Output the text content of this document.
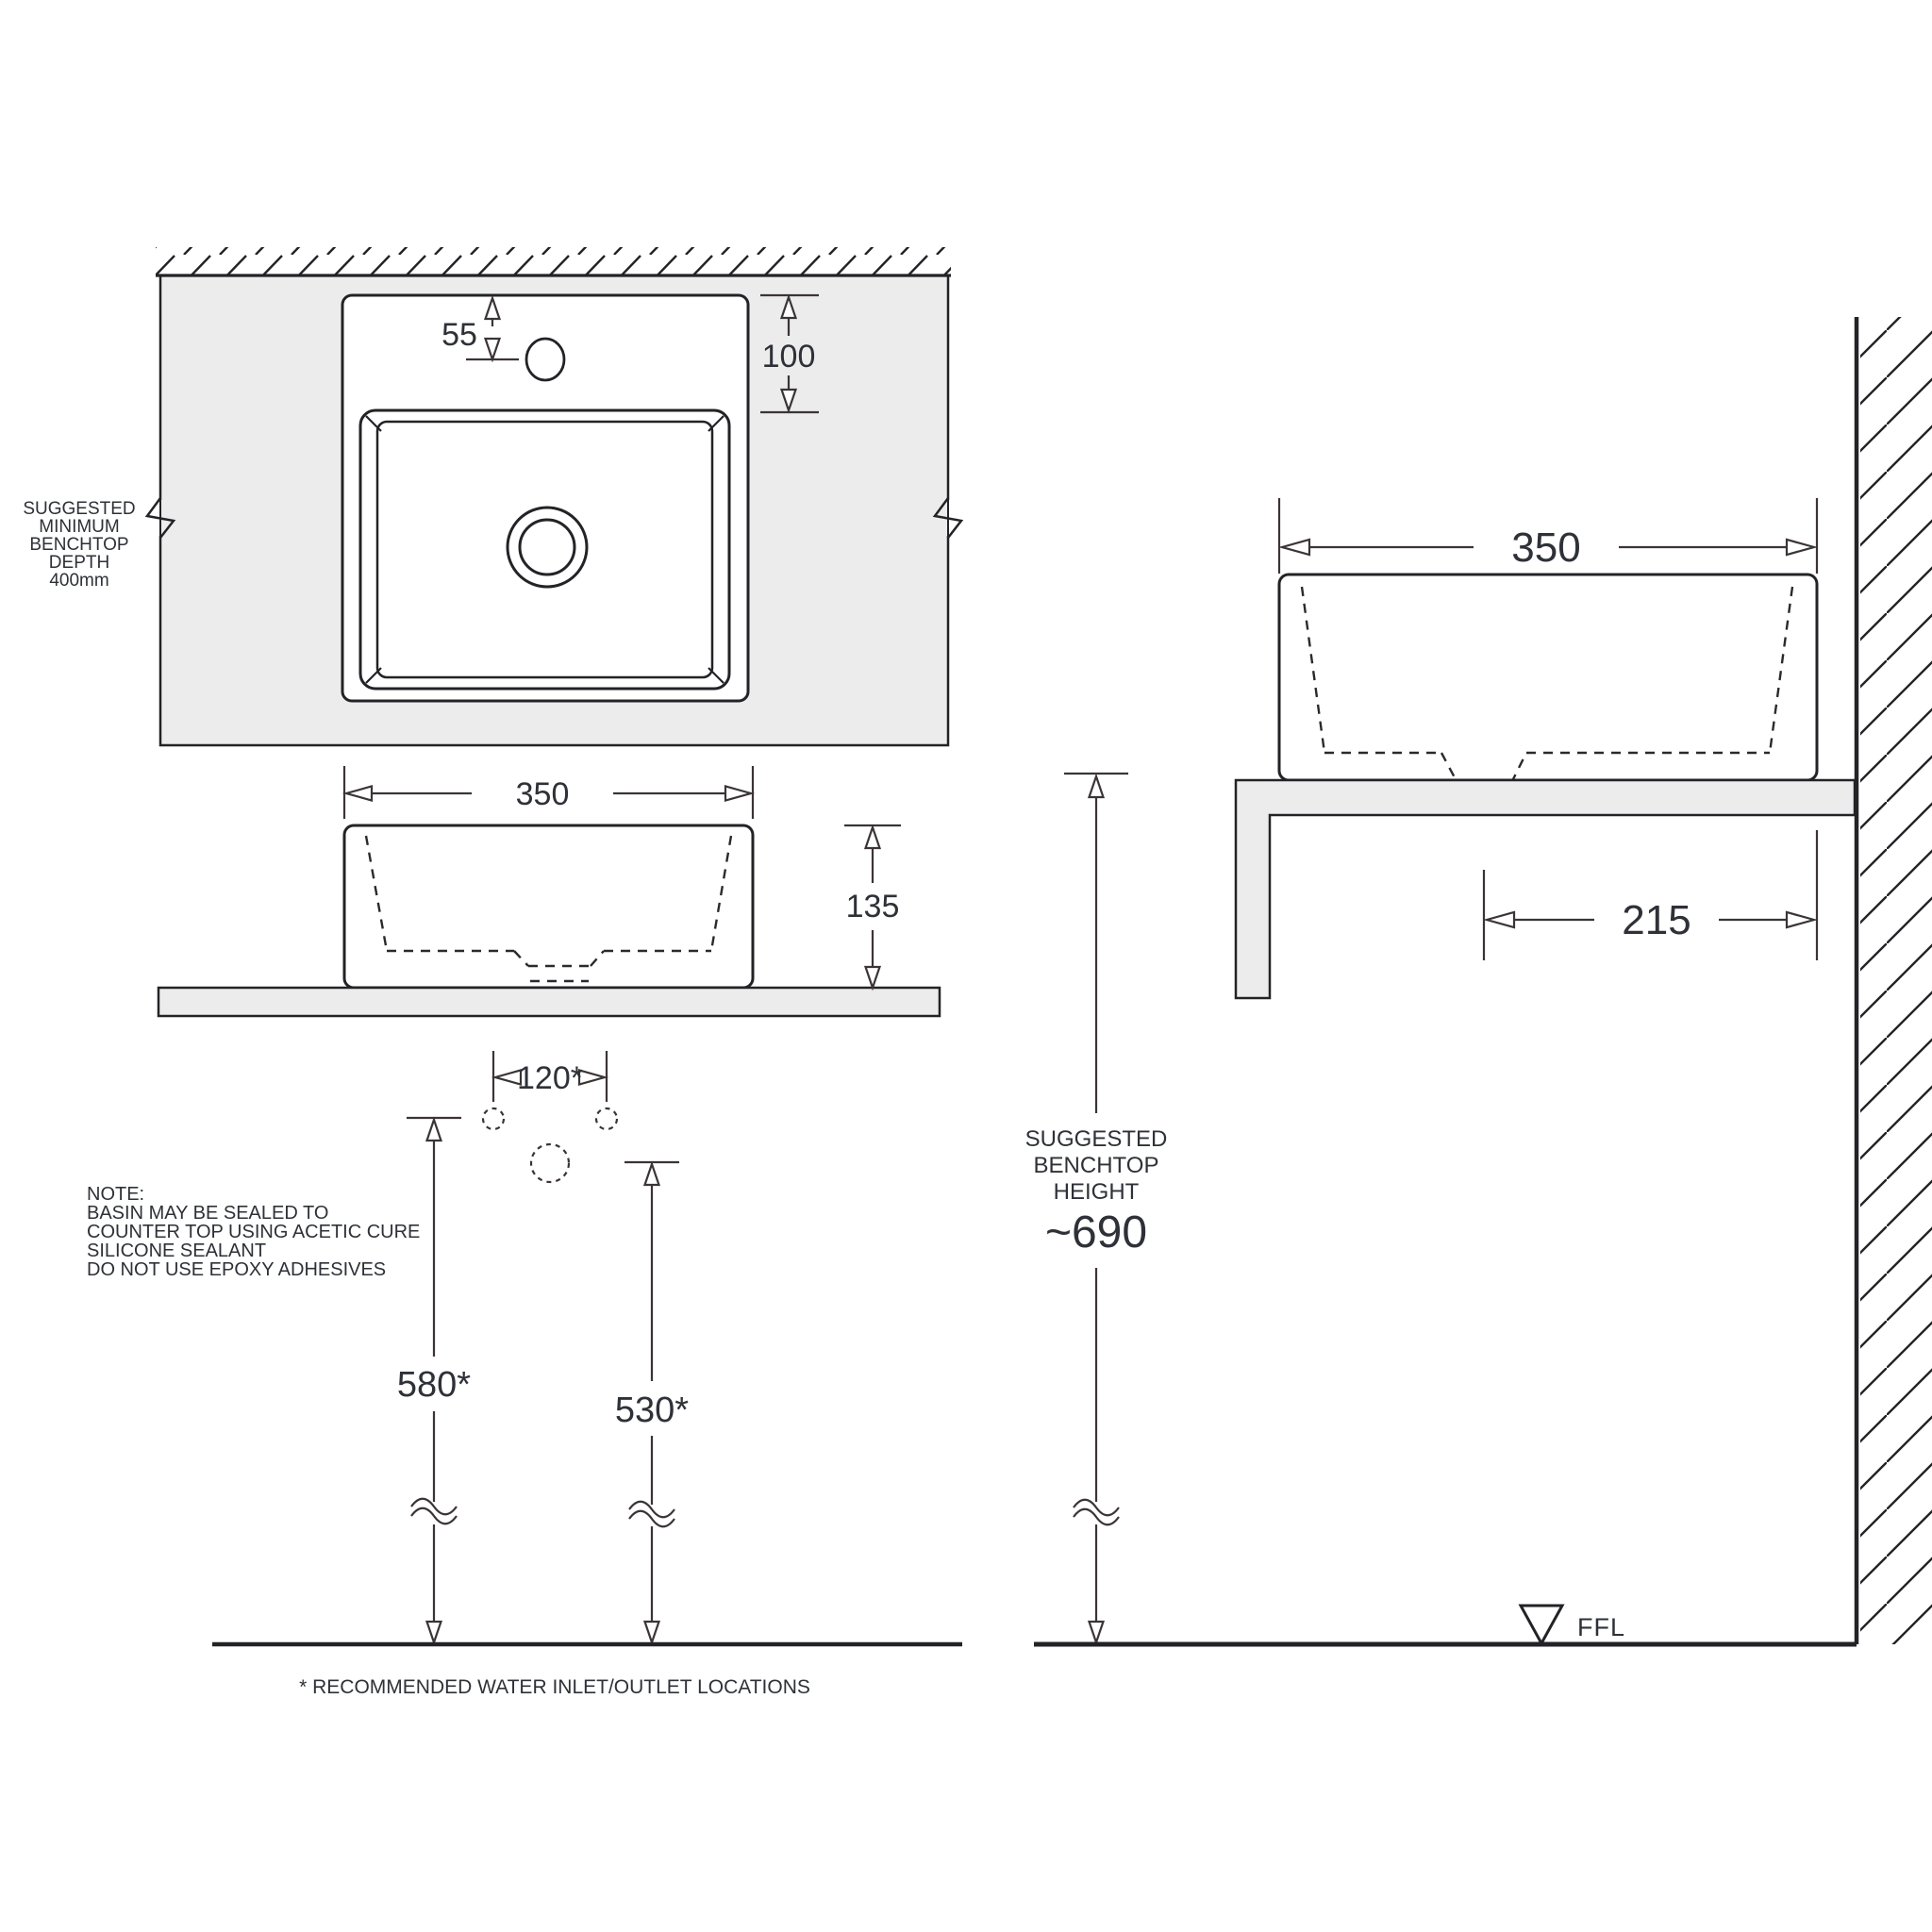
SUGGESTED
MINIMUM
BENCHTOP
DEPTH
400mm
55
100
350
135
120*
580*
530*
NOTE:
BASIN MAY BE SEALED TO
COUNTER TOP USING ACETIC CURE
SILICONE SEALANT
DO NOT USE EPOXY ADHESIVES
* RECOMMENDED WATER INLET/OUTLET LOCATIONS
350
215
SUGGESTED
BENCHTOP
HEIGHT
~690
FFL
